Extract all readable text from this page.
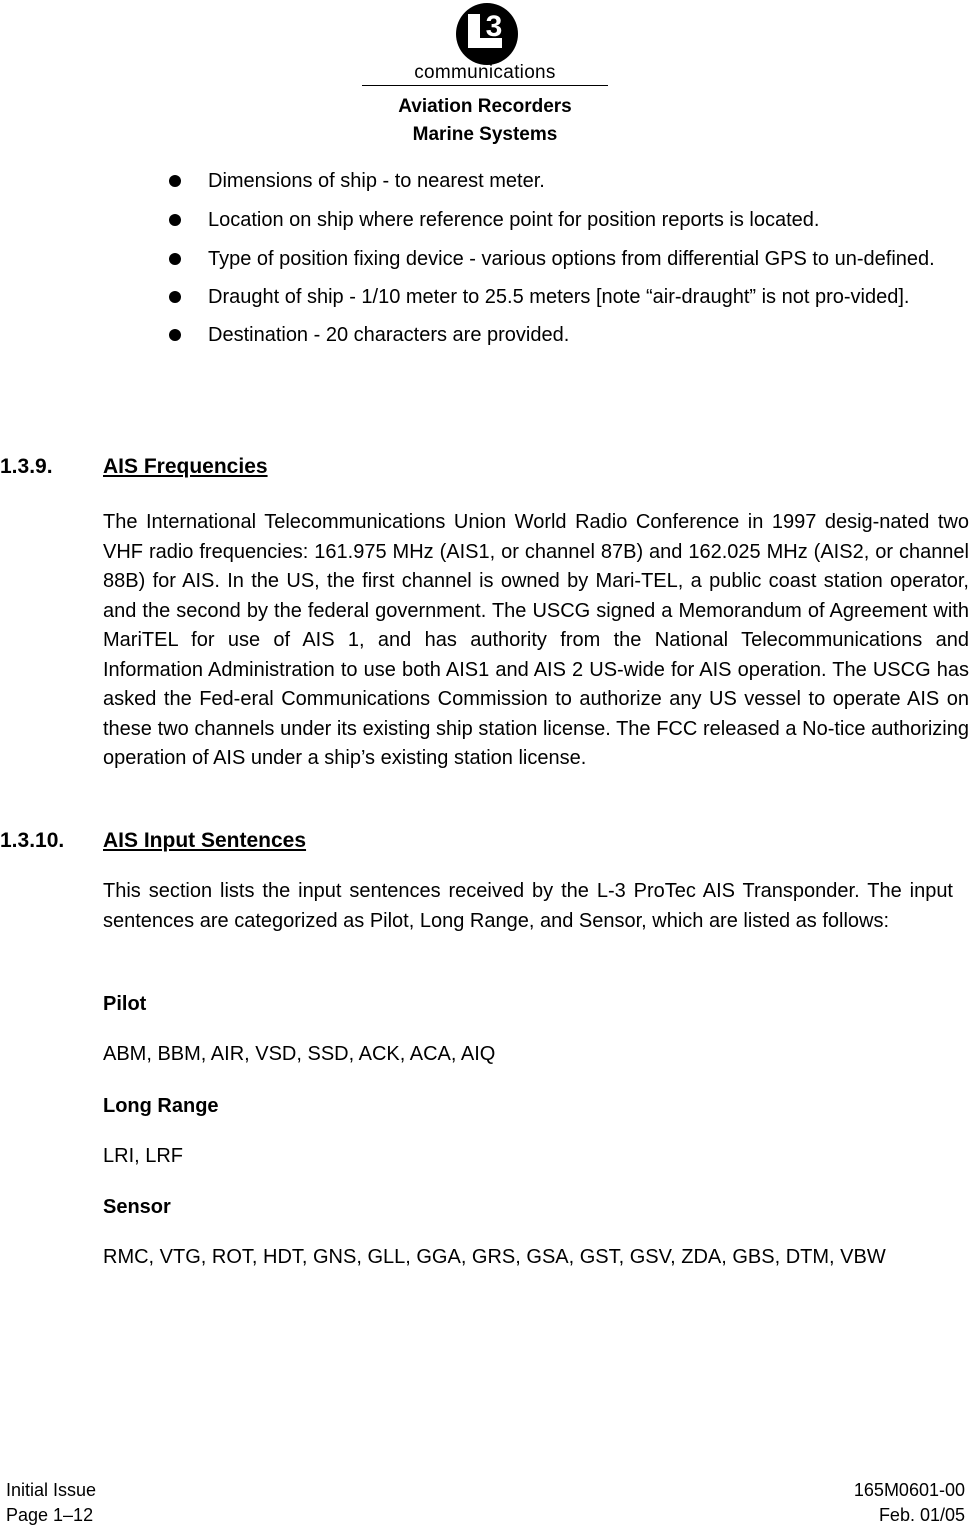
3
communications
Aviation Recorders
Marine Systems
Dimensions of ship - to nearest meter.
Location on ship where reference point for position reports is located.
Type of position fixing device - various options from differential GPS to un-defined.
Draught of ship - 1/10 meter to 25.5 meters [note “air-draught” is not pro-vided].
Destination - 20 characters are provided.
1.3.9. AIS Frequencies

The International Telecommunications Union World Radio Conference in 1997 desig-nated two VHF radio frequencies: 161.975 MHz (AIS1, or channel 87B) and 162.025 MHz (AIS2, or channel 88B) for AIS. In the US, the first channel is owned by Mari-TEL, a public coast station operator, and the second by the federal government. The USCG signed a Memorandum of Agreement with MariTEL for use of AIS 1, and has authority from the National Telecommunications and Information Administration to use both AIS1 and AIS 2 US-wide for AIS operation. The USCG has asked the Fed-eral Communications Commission to authorize any US vessel to operate AIS on these two channels under its existing ship station license. The FCC released a No-tice authorizing operation of AIS under a ship’s existing station license.

1.3.10. AIS Input Sentences

This section lists the input sentences received by the L-3 ProTec AIS Transponder. The input sentences are categorized as Pilot, Long Range, and Sensor, which are listed as follows:

Pilot
ABM, BBM, AIR, VSD, SSD, ACK, ACA, AIQ
Long Range
LRI, LRF
Sensor
RMC, VTG, ROT, HDT, GNS, GLL, GGA, GRS, GSA, GST, GSV, ZDA, GBS, DTM, VBW
Initial Issue
Page 1–12
165M0601-00
Feb. 01/05
